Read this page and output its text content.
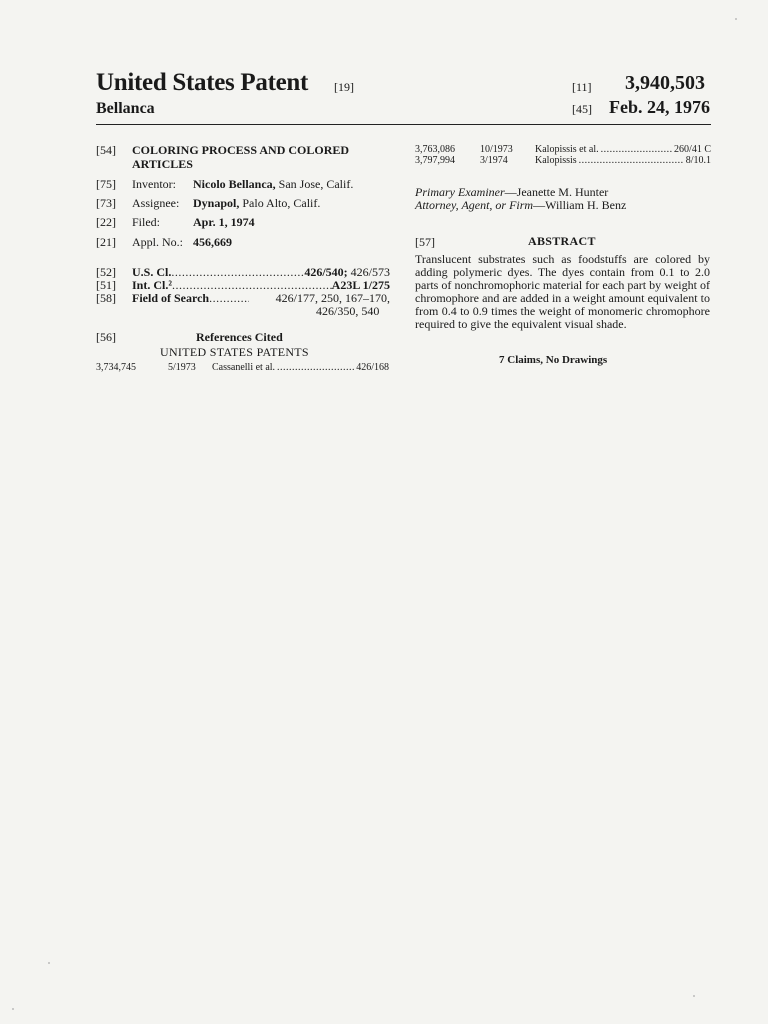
United States Patent [19]
Bellanca
[11] 3,940,503
[45] Feb. 24, 1976
[54] COLORING PROCESS AND COLORED ARTICLES
[75] Inventor: Nicolo Bellanca, San Jose, Calif.
[73] Assignee: Dynapol, Palo Alto, Calif.
[22] Filed:	Apr. 1, 1974
[21] Appl. No.: 456,669
[52] U.S. Cl. .....	426/540; 426/573
[51] Int. Cl.² .....	A23L 1/275
[58] Field of Search .....	426/177, 250, 167–170,
426/350, 540
[56]	References Cited
UNITED STATES PATENTS
3,734,745	5/1973	Cassanelli et al. .....	426/168
3,763,086	10/1973	Kalopissis et al. .....	260/41 C
3,797,994	3/1974	Kalopissis .....	8/10.1
Primary Examiner—Jeanette M. Hunter
Attorney, Agent, or Firm—William H. Benz
[57]	ABSTRACT
Translucent substrates such as foodstuffs are colored by adding polymeric dyes. The dyes contain from 0.1 to 2.0 parts of nonchromophoric material for each part by weight of chromophore and are added in a weight amount equivalent to from 0.4 to 0.9 times the weight of monomeric chromophore required to give the equivalent visual shade.
7 Claims, No Drawings
